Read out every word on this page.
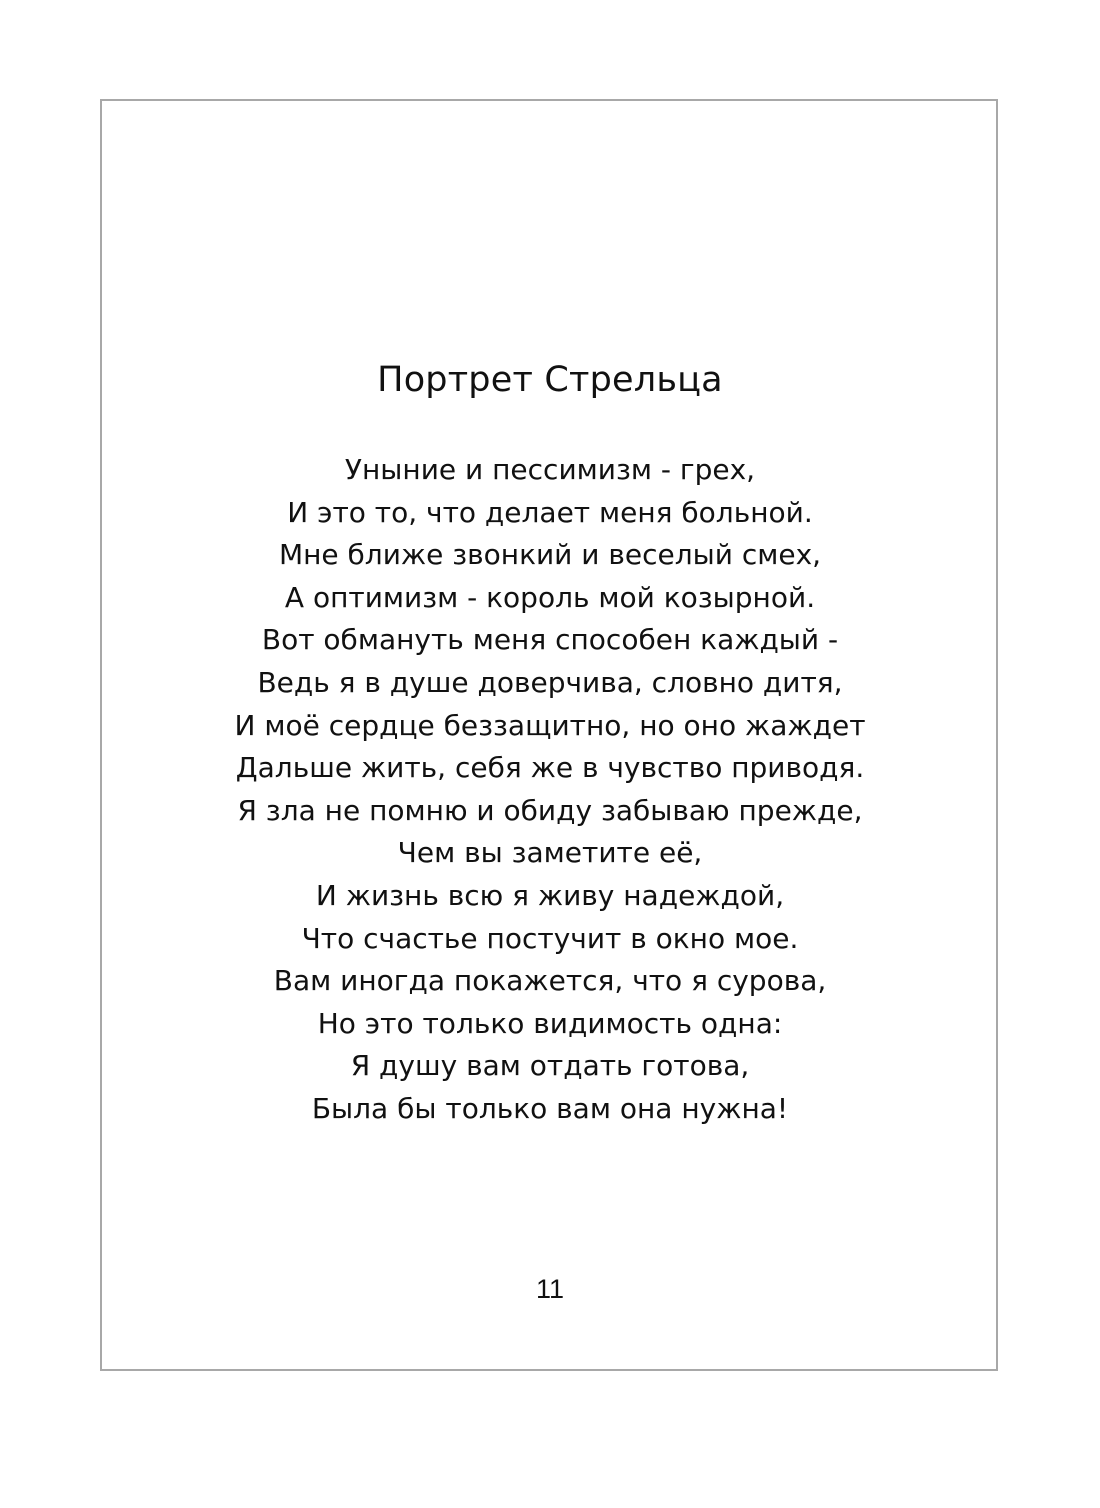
Портрет Стрельца
Уныние и пессимизм - грех,
И это то, что делает меня больной.
Мне ближе звонкий и веселый смех,
А оптимизм - король мой козырной.
Вот обмануть меня способен каждый -
Ведь я в душе доверчива, словно дитя,
И моё сердце беззащитно, но оно жаждет
Дальше жить, себя же в чувство приводя.
Я зла не помню и обиду забываю прежде,
Чем вы заметите её,
И жизнь всю я живу надеждой,
Что счастье постучит в окно мое.
Вам иногда покажется, что я сурова,
Но это только видимость одна:
Я душу вам отдать готова,
Была бы только вам она нужна!
11
